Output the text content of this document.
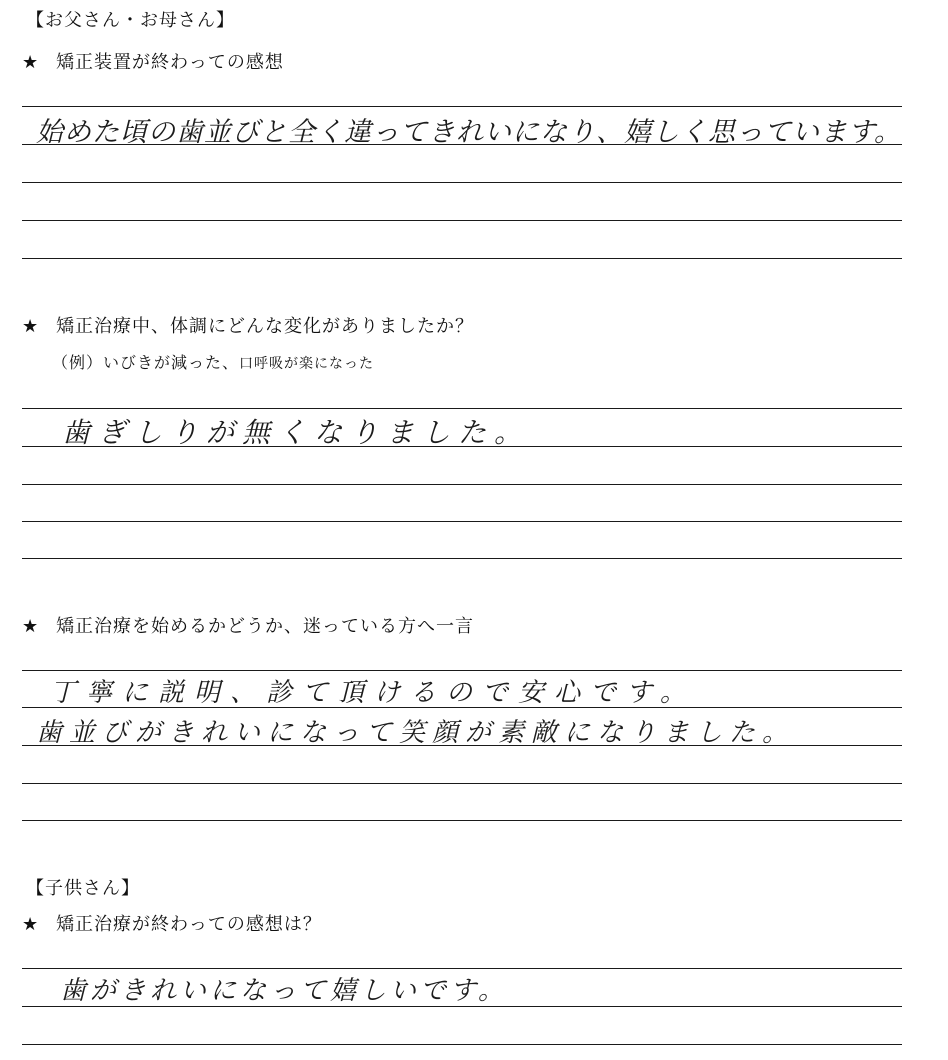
【お父さん・お母さん】
★ 矯正装置が終わっての感想
始めた頃の歯並びと全く違ってきれいになり、嬉しく思っています。
★ 矯正治療中、体調にどんな変化がありましたか？
（例）いびきが減った、口呼吸が楽になった
歯ぎしりが無くなりました。
★ 矯正治療を始めるかどうか、迷っている方へ一言
丁寧に説明、診て頂けるので安心です。
歯並びがきれいになって笑顔が素敵になりました。
【子供さん】
★ 矯正治療が終わっての感想は？
歯がきれいになって嬉しいです。
